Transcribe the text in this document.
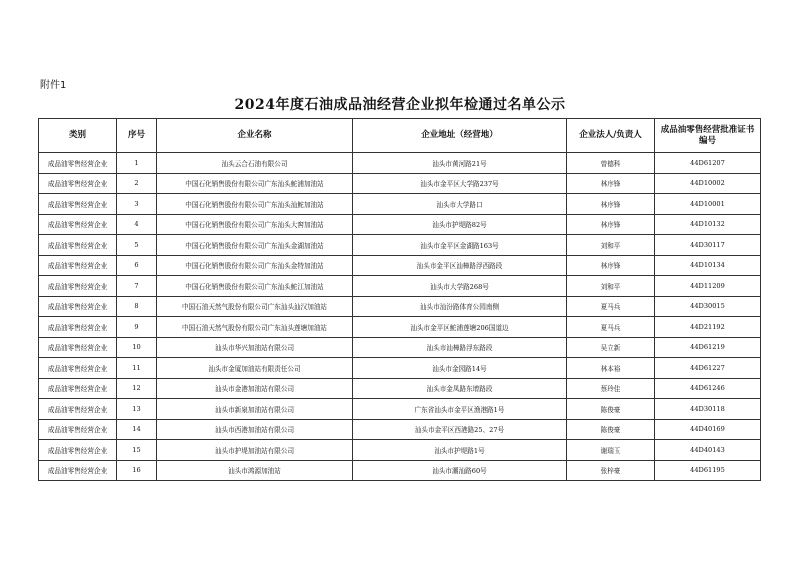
附件1
2024年度石油成品油经营企业拟年检通过名单公示
类别	序号	企业名称	企业地址（经营地）	企业法人/负责人	成品油零售经营批准证书编号
成品油零售经营企业	1	汕头云合石油有限公司	汕头市黄河路21号	曾德科	44D61207
成品油零售经营企业	2	中国石化销售股份有限公司广东汕头鮀浦加油站	汕头市金平区大学路237号	林序锋	44D10002
成品油零售经营企业	3	中国石化销售股份有限公司广东汕头汕鮀加油站	汕头市大学路口	林序锋	44D10001
成品油零售经营企业	4	中国石化销售股份有限公司广东汕头大窖加油站	汕头市护堤路82号	林序锋	44D10132
成品油零售经营企业	5	中国石化销售股份有限公司广东汕头金湖加油站	汕头市金平区金湖路163号	刘和平	44D30117
成品油零售经营企业	6	中国石化销售股份有限公司广东汕头金特加油站	汕头市金平区汕樟路浮西路段	林序锋	44D10134
成品油零售经营企业	7	中国石化销售股份有限公司广东汕头鮀江加油站	汕头市大学路268号	刘和平	44D11209
成品油零售经营企业	8	中国石油天然气股份有限公司广东汕头汕汉加油站	汕头市汕汾路体育公园南侧	夏马兵	44D30015
成品油零售经营企业	9	中国石油天然气股份有限公司广东汕头莲塘加油站	汕头市金平区鮀浦莲塘206国道边	夏马兵	44D21192
成品油零售经营企业	10	汕头市华兴加油站有限公司	汕头市汕樟路浮东路段	吴立新	44D61219
成品油零售经营企业	11	汕头市金厦加油站有限责任公司	汕头市金园路14号	林本裕	44D61227
成品油零售经营企业	12	汕头市金港加油站有限公司	汕头市金凤路东增路段	蔡玲佳	44D61246
成品油零售经营企业	13	汕头市新泉加油站有限公司	广东省汕头市金平区渔港路1号	陈俊豪	44D30118
成品油零售经营企业	14	汕头市西港加油站有限公司	汕头市金平区西港路25、27号	陈俊豪	44D40169
成品油零售经营企业	15	汕头市护堤加油站有限公司	汕头市护堤路1号	谢瑞玉	44D40143
成品油零售经营企业	16	汕头市鸿源加油站	汕头市潮汕路60号	张梓豪	44D61195
